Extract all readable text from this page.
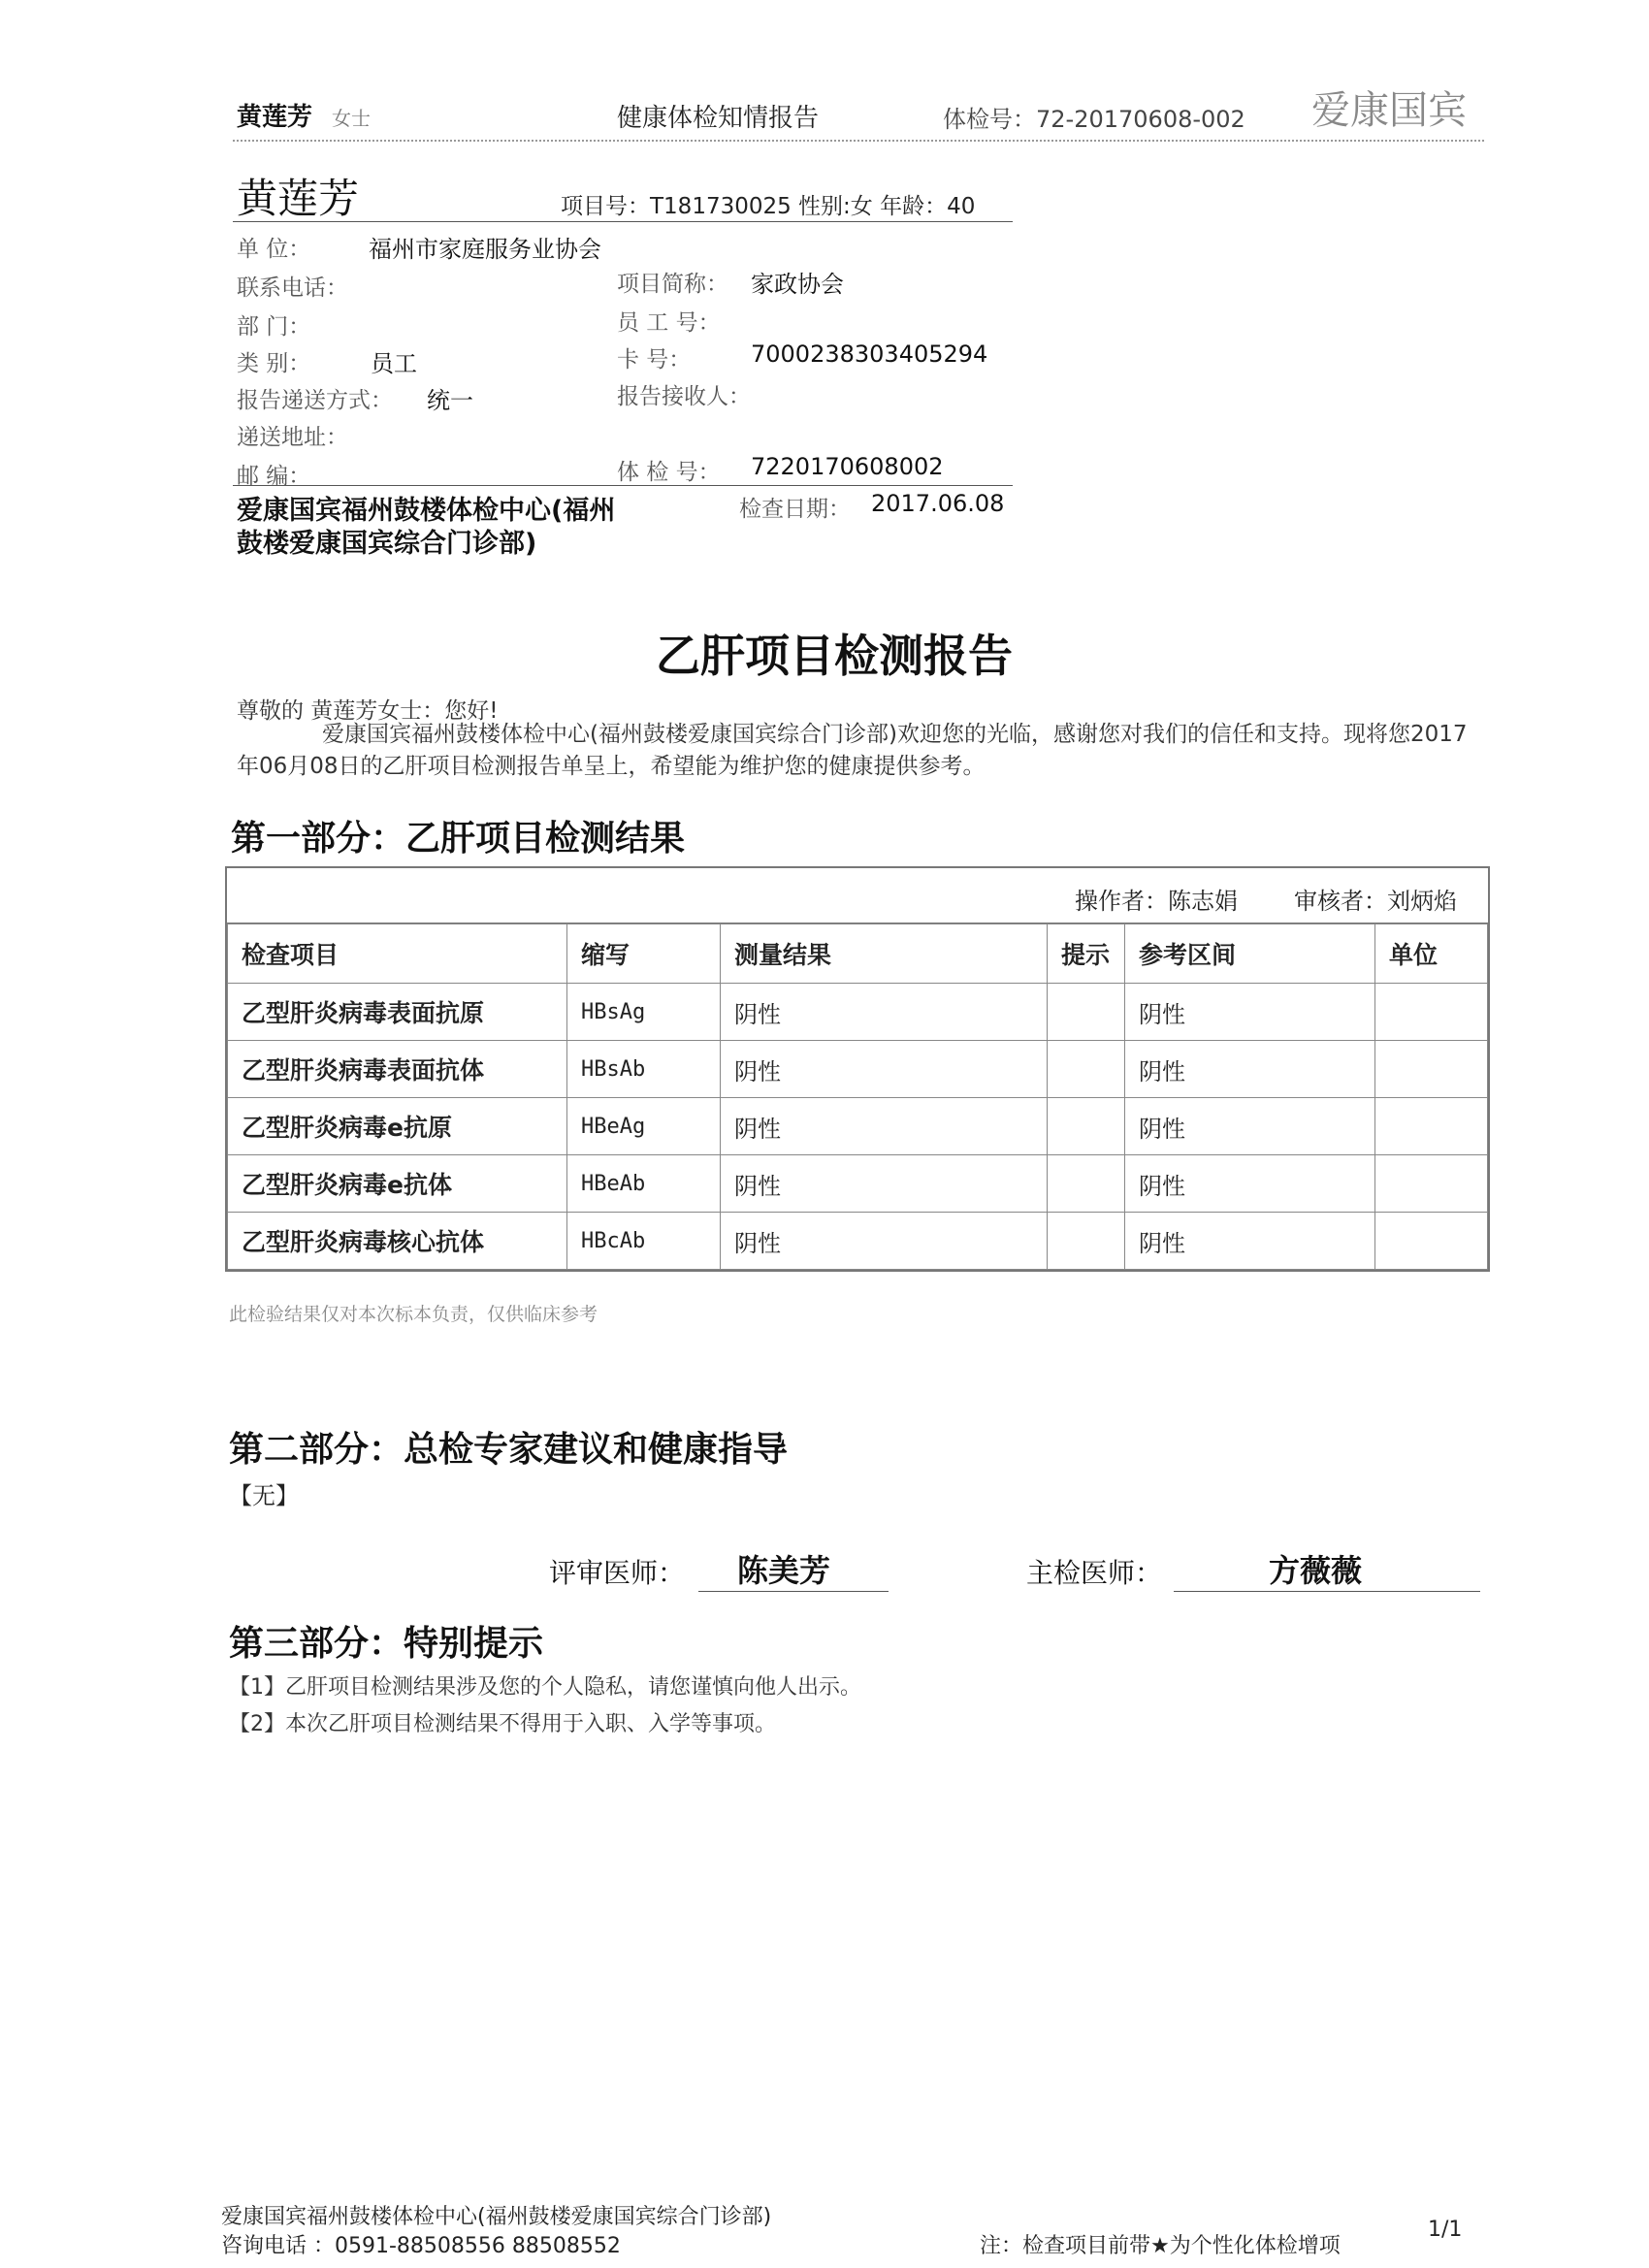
黄莲芳 女士	健康体检知情报告	体检号：72-20170608-002 爱康国宾
黄莲芳	项目号：T181730025 性别:女 年龄：40
单 位： 福州市家庭服务业协会
联系电话：	项目简称： 家政协会
部 门：	员 工 号：
类 别：	员工	卡 号：	7000238303405294
报告递送方式： 统一	报告接收人：
递送地址：
邮 编：	体 检 号： 7220170608002
爱康国宾福州鼓楼体检中心(福州鼓楼爱康国宾综合门诊部)
检查日期： 2017.06.08
乙肝项目检测报告
尊敬的 黄莲芳女士：您好!
爱康国宾福州鼓楼体检中心(福州鼓楼爱康国宾综合门诊部)欢迎您的光临，感谢您对我们的信任和支持。现将您2017年06月08日的乙肝项目检测报告单呈上，希望能为维护您的健康提供参考。
第一部分：乙肝项目检测结果
操作者：陈志娟 审核者：刘炳焰
检查项目	缩写	测量结果	提示	参考区间	单位
乙型肝炎病毒表面抗原	HBsAg	阴性		阴性	
乙型肝炎病毒表面抗体	HBsAb	阴性		阴性	
乙型肝炎病毒e抗原	HBeAg	阴性		阴性	
乙型肝炎病毒e抗体	HBeAb	阴性		阴性	
乙型肝炎病毒核心抗体	HBcAb	阴性		阴性	
此检验结果仅对本次标本负责，仅供临床参考
第二部分：总检专家建议和健康指导
【无】
评审医师： 陈美芳	主检医师：	方薇薇
第三部分：特别提示
【1】乙肝项目检测结果涉及您的个人隐私，请您谨慎向他人出示。
【2】本次乙肝项目检测结果不得用于入职、入学等事项。
爱康国宾福州鼓楼体检中心(福州鼓楼爱康国宾综合门诊部)
咨询电话 ：0591-88508556 88508552	注：检查项目前带★为个性化体检增项
1/1
